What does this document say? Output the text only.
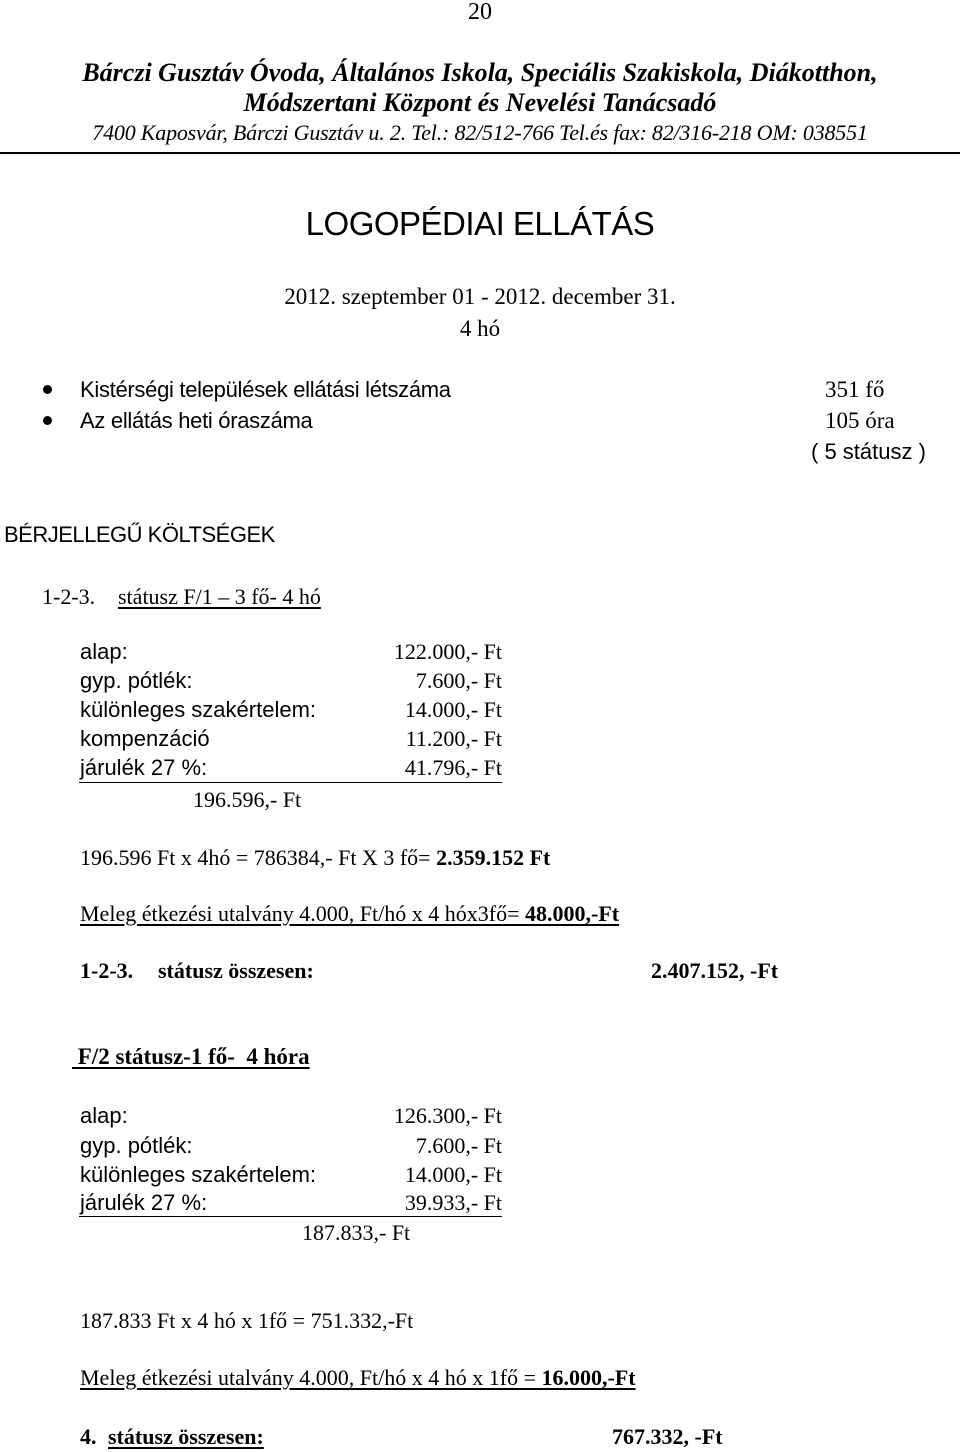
20
Bárczi Gusztáv Óvoda, Általános Iskola, Speciális Szakiskola, Diákotthon,
Módszertani Központ és Nevelési Tanácsadó
7400 Kaposvár, Bárczi Gusztáv u. 2. Tel.: 82/512-766 Tel.és fax: 82/316-218 OM: 038551
LOGOPÉDIAI ELLÁTÁS
2012. szeptember 01 - 2012. december 31.
4 hó
Kistérségi települések ellátási létszáma	351 fő
Az ellátás heti óraszáma	105 óra
( 5 státusz )
BÉRJELLEGŰ KÖLTSÉGEK
1-2-3. státusz F/1 – 3 fő- 4 hó
alap:	122.000,- Ft
gyp. pótlék:	7.600,- Ft
különleges szakértelem:	14.000,- Ft
kompenzáció	11.200,- Ft
járulék 27 %:	41.796,- Ft
196.596,- Ft
196.596 Ft x 4hó = 786384,- Ft X 3 fő= 2.359.152 Ft
Meleg étkezési utalvány 4.000, Ft/hó x 4 hóx3fő= 48.000,-Ft
1-2-3. státusz összesen:	2.407.152, -Ft
F/2 státusz-1 fő-  4 hóra
alap:	126.300,- Ft
gyp. pótlék:	7.600,- Ft
különleges szakértelem:	14.000,- Ft
járulék 27 %:	39.933,- Ft
187.833,- Ft
187.833 Ft x 4 hó x 1fő = 751.332,-Ft
Meleg étkezési utalvány 4.000, Ft/hó x 4 hó x 1fő = 16.000,-Ft
4. státusz összesen:	767.332, -Ft
